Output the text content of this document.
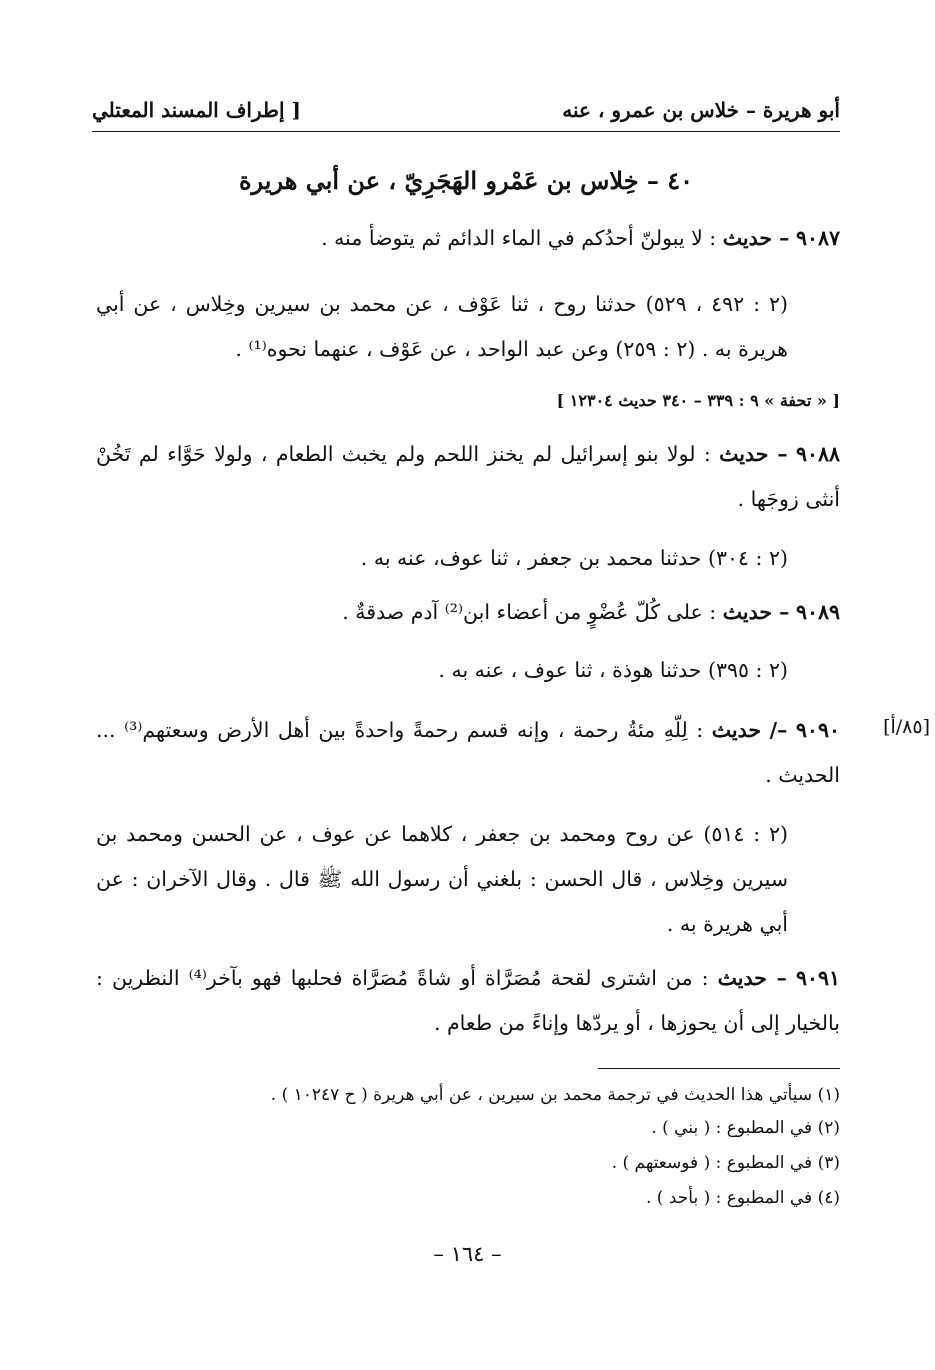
أبو هريرة – خلاس بن عمرو ، عنه
[ إطراف المسند المعتلي
٤٠ – خِلاس بن عَمْرو الهَجَرِيّ ، عن أبي هريرة
٩٠٨٧ – حديث : لا يبولنّ أحدُكم في الماء الدائم ثم يتوضأ منه .
(٢ : ٤٩٢ ، ٥٢٩) حدثنا روح ، ثنا عَوْف ، عن محمد بن سيرين وخِلاس ، عن أبي هريرة به . (٢ : ٢٥٩) وعن عبد الواحد ، عن عَوْف ، عنهما نحوه⁽¹⁾ .
[ « تحفة » ٩ : ٣٣٩ – ٣٤٠ حديث ١٢٣٠٤ ]
٩٠٨٨ – حديث : لولا بنو إسرائيل لم يخنز اللحم ولم يخبث الطعام ، ولولا حَوَّاء لم تَخُنْ أنثى زوجَها .
(٢ : ٣٠٤) حدثنا محمد بن جعفر ، ثنا عوف، عنه به .
٩٠٨٩ – حديث : على كُلّ عُضْوٍ من أعضاء ابن⁽²⁾ آدم صدقةٌ .
(٢ : ٣٩٥) حدثنا هوذة ، ثنا عوف ، عنه به .
[٨٥/أ]
٩٠٩٠ –/ حديث : لِلّهِ مئةُ رحمة ، وإنه قسم رحمةً واحدةً بين أهل الأرض وسعتهم⁽³⁾ ... الحديث .
(٢ : ٥١٤) عن روح ومحمد بن جعفر ، كلاهما عن عوف ، عن الحسن ومحمد بن سيرين وخِلاس ، قال الحسن : بلغني أن رسول الله ﷺ قال . وقال الآخران : عن أبي هريرة به .
٩٠٩١ – حديث : من اشترى لقحة مُصَرَّاة أو شاةً مُصَرَّاة فحلبها فهو بآخر⁽⁴⁾ النظرين : بالخيار إلى أن يحوزها ، أو يردّها وإناءً من طعام .
(١) سيأتي هذا الحديث في ترجمة محمد بن سيرين ، عن أبي هريرة ( ح ١٠٢٤٧ ) .
(٢) في المطبوع : ( بني ) .
(٣) في المطبوع : ( فوسعتهم ) .
(٤) في المطبوع : ( بأحد ) .
– ١٦٤ –
